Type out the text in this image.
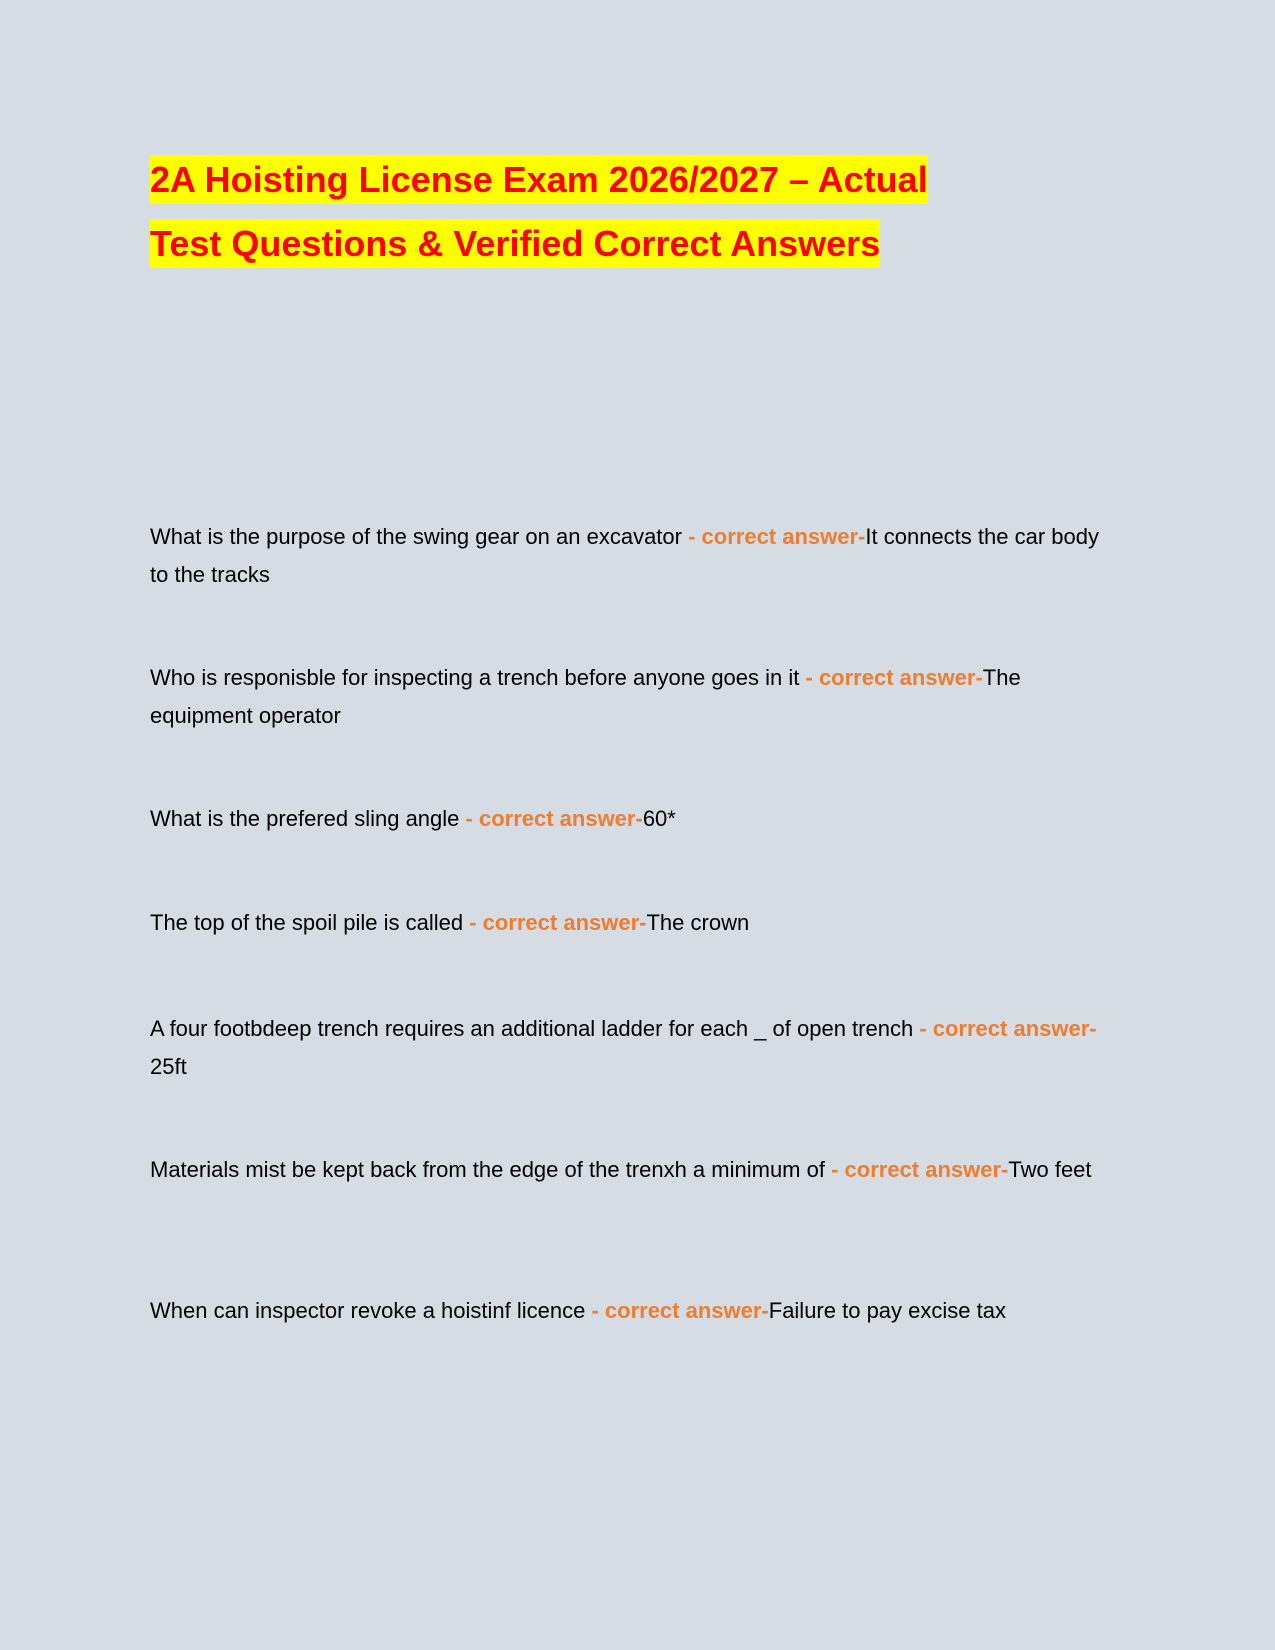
2A Hoisting License Exam 2026/2027 – Actual
Test Questions & Verified Correct Answers
What is the purpose of the swing gear on an excavator - correct answer-It connects the car body to the tracks
Who is responisble for inspecting a trench before anyone goes in it - correct answer-The equipment operator
What is the prefered sling angle - correct answer-60*
The top of the spoil pile is called - correct answer-The crown
A four footbdeep trench requires an additional ladder for each _ of open trench - correct answer-25ft
Materials mist be kept back from the edge of the trenxh a minimum of - correct answer-Two feet
When can inspector revoke a hoistinf licence - correct answer-Failure to pay excise tax
